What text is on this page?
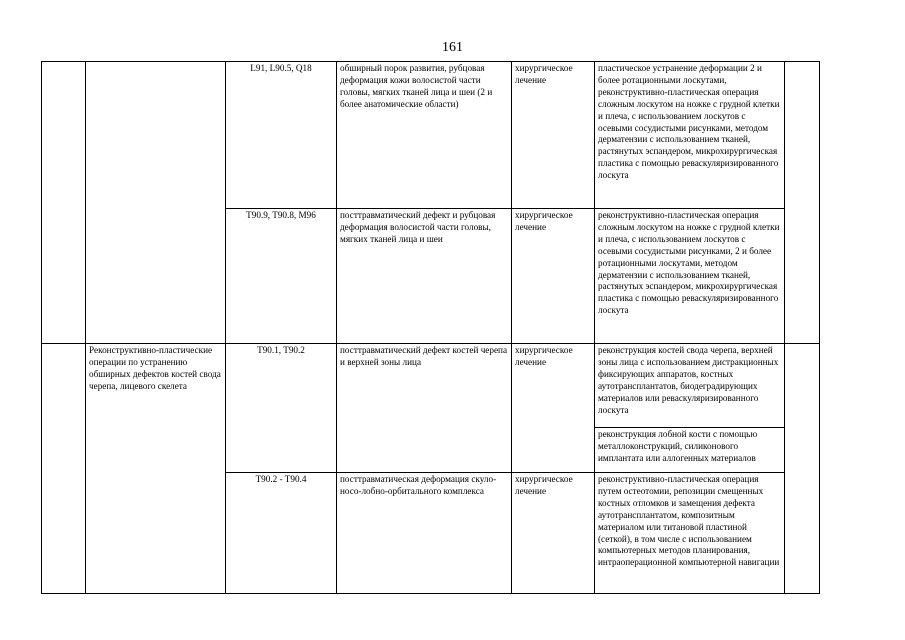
161
		L91, L90.5, Q18	обширный порок развития, рубцовая деформация кожи волосистой части головы, мягких тканей лица и шеи (2 и более анатомические области)	хирургическое лечение	пластическое устранение деформации 2 и более ротационными лоскутами, реконструктивно-пластическая операция сложным лоскутом на ножке с грудной клетки и плеча, с использованием лоскутов с осевыми сосудистыми рисунками, методом дерматензии с использованием тканей, растянутых эспандером, микрохирургическая пластика с помощью реваскуляризированного лоскута	
		T90.9, T90.8, M96	посттравматический дефект и рубцовая деформация волосистой части головы, мягких тканей лица и шеи	хирургическое лечение	реконструктивно-пластическая операция сложным лоскутом на ножке с грудной клетки и плеча, с использованием лоскутов с осевыми сосудистыми рисунками, 2 и более ротационными лоскутами, методом дерматензии с использованием тканей, растянутых эспандером, микрохирургическая пластика с помощью реваскуляризированного лоскута	
	Реконструктивно-пластические операции по устранению обширных дефектов костей свода черепа, лицевого скелета	T90.1, T90.2	посттравматический дефект костей черепа и верхней зоны лица	хирургическое лечение	реконструкция костей свода черепа, верхней зоны лица с использованием дистракционных фиксирующих аппаратов, костных аутотрансплантатов, биодеградирующих материалов или реваскуляризированного лоскута	
					реконструкция лобной кости с помощью металлоконструкций, силиконового имплантата или аллогенных материалов	
		T90.2 - T90.4	посттравматическая деформация скуло-носо-лобно-орбитального комплекса	хирургическое лечение	реконструктивно-пластическая операция путем остеотомии, репозиции смещенных костных отломков и замещения дефекта аутотрансплантатом, композитным материалом или титановой пластиной (сеткой), в том числе с использованием компьютерных методов планирования, интраоперационной компьютерной навигации	
